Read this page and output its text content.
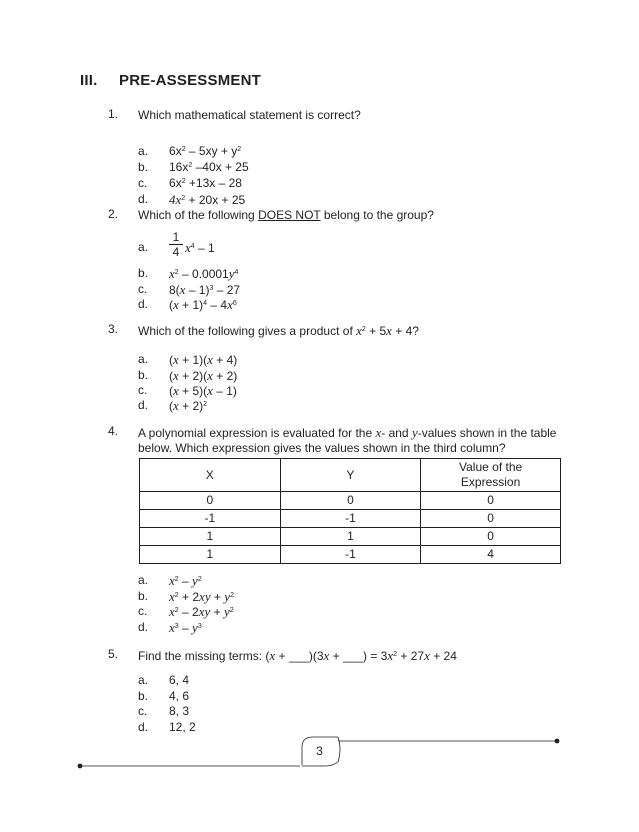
III. PRE-ASSESSMENT
1. Which mathematical statement is correct?
a. $6x^2 - 5xy + y^2$
b. $16x^2$ –40x + 25
c. $6x^2 +13x - 28$
d. $4x^2 + 20x + 25$
2. Which of the following DOES NOT belong to the group?
a.
1
4 $x^4 - 1$
b. $x^2 - 0.0001y^4$
c. 8(x – 1)$^3$ – 27
d. $(x + 1)^4 - 4x^6$
3. Which of the following gives a product of $x^2 + 5x + 4$?
a. (x + 1)(x + 4)
b. (x + 2)(x + 2)
c. (x + 5)(x – 1)
d. $(x + 2)^2$
4. A polynomial expression is evaluated for the x- and y-values shown in the table
below. Which expression gives the values shown in the third column?
X	Y	Value of the
Expression
0	0	0
-1	-1	0
1	1	0
1	-1	4
a. $x^2 - y^2$
b. $x^2 + 2xy + y^2$
c. $x^2 - 2xy + y^2$
d. $x^3 - y^3$
5. Find the missing terms: (x + ___)(3x + ___) = $3x^2 + 27x + 24$
a. 6, 4
b. 4, 6
c. 8, 3
d. 12, 2
3
